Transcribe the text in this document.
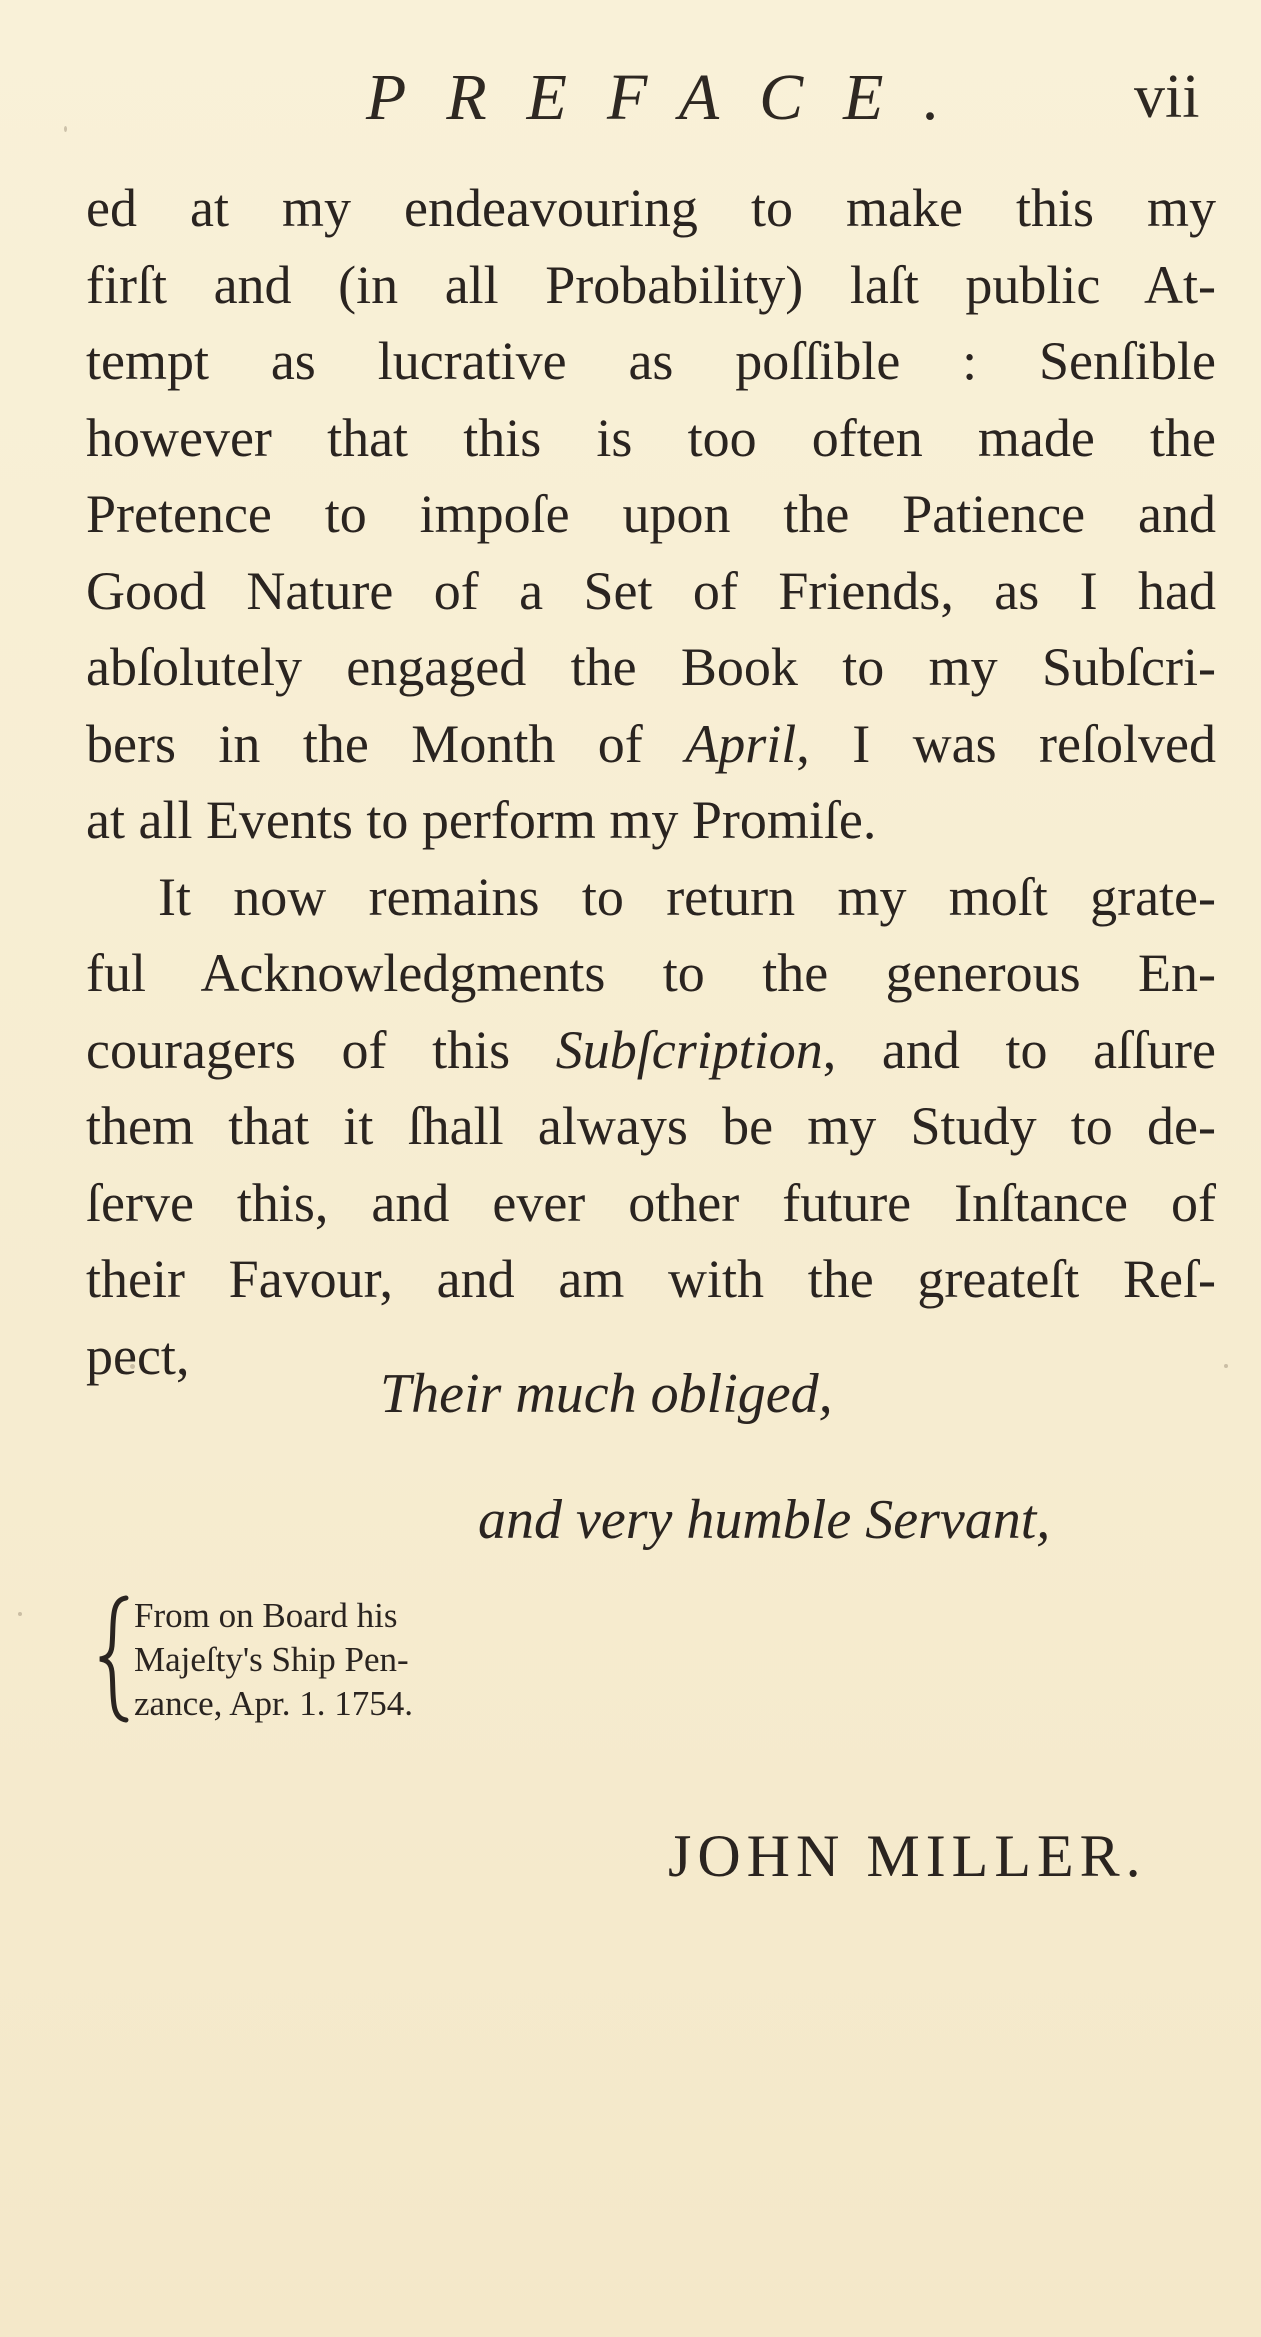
PREFACE. vii
ed at my endeavouring to make this my
firſt and (in all Probability) laſt public At-
tempt as lucrative as poſſible : Senſible
however that this is too often made the
Pretence to impoſe upon the Patience and
Good Nature of a Set of Friends, as I had
abſolutely engaged the Book to my Subſcri-
bers in the Month of April, I was reſolved
at all Events to perform my Promiſe.
It now remains to return my moſt grate-
ful Acknowledgments to the generous En-
couragers of this Subſcription, and to aſſure
them that it ſhall always be my Study to de-
ſerve this, and ever other future Inſtance of
their Favour, and am with the greateſt Reſ-
pect,
Their much obliged,
and very humble Servant,
From on Board his
Majeſty's Ship Pen-
zance, Apr. 1. 1754.
JOHN MILLER.
